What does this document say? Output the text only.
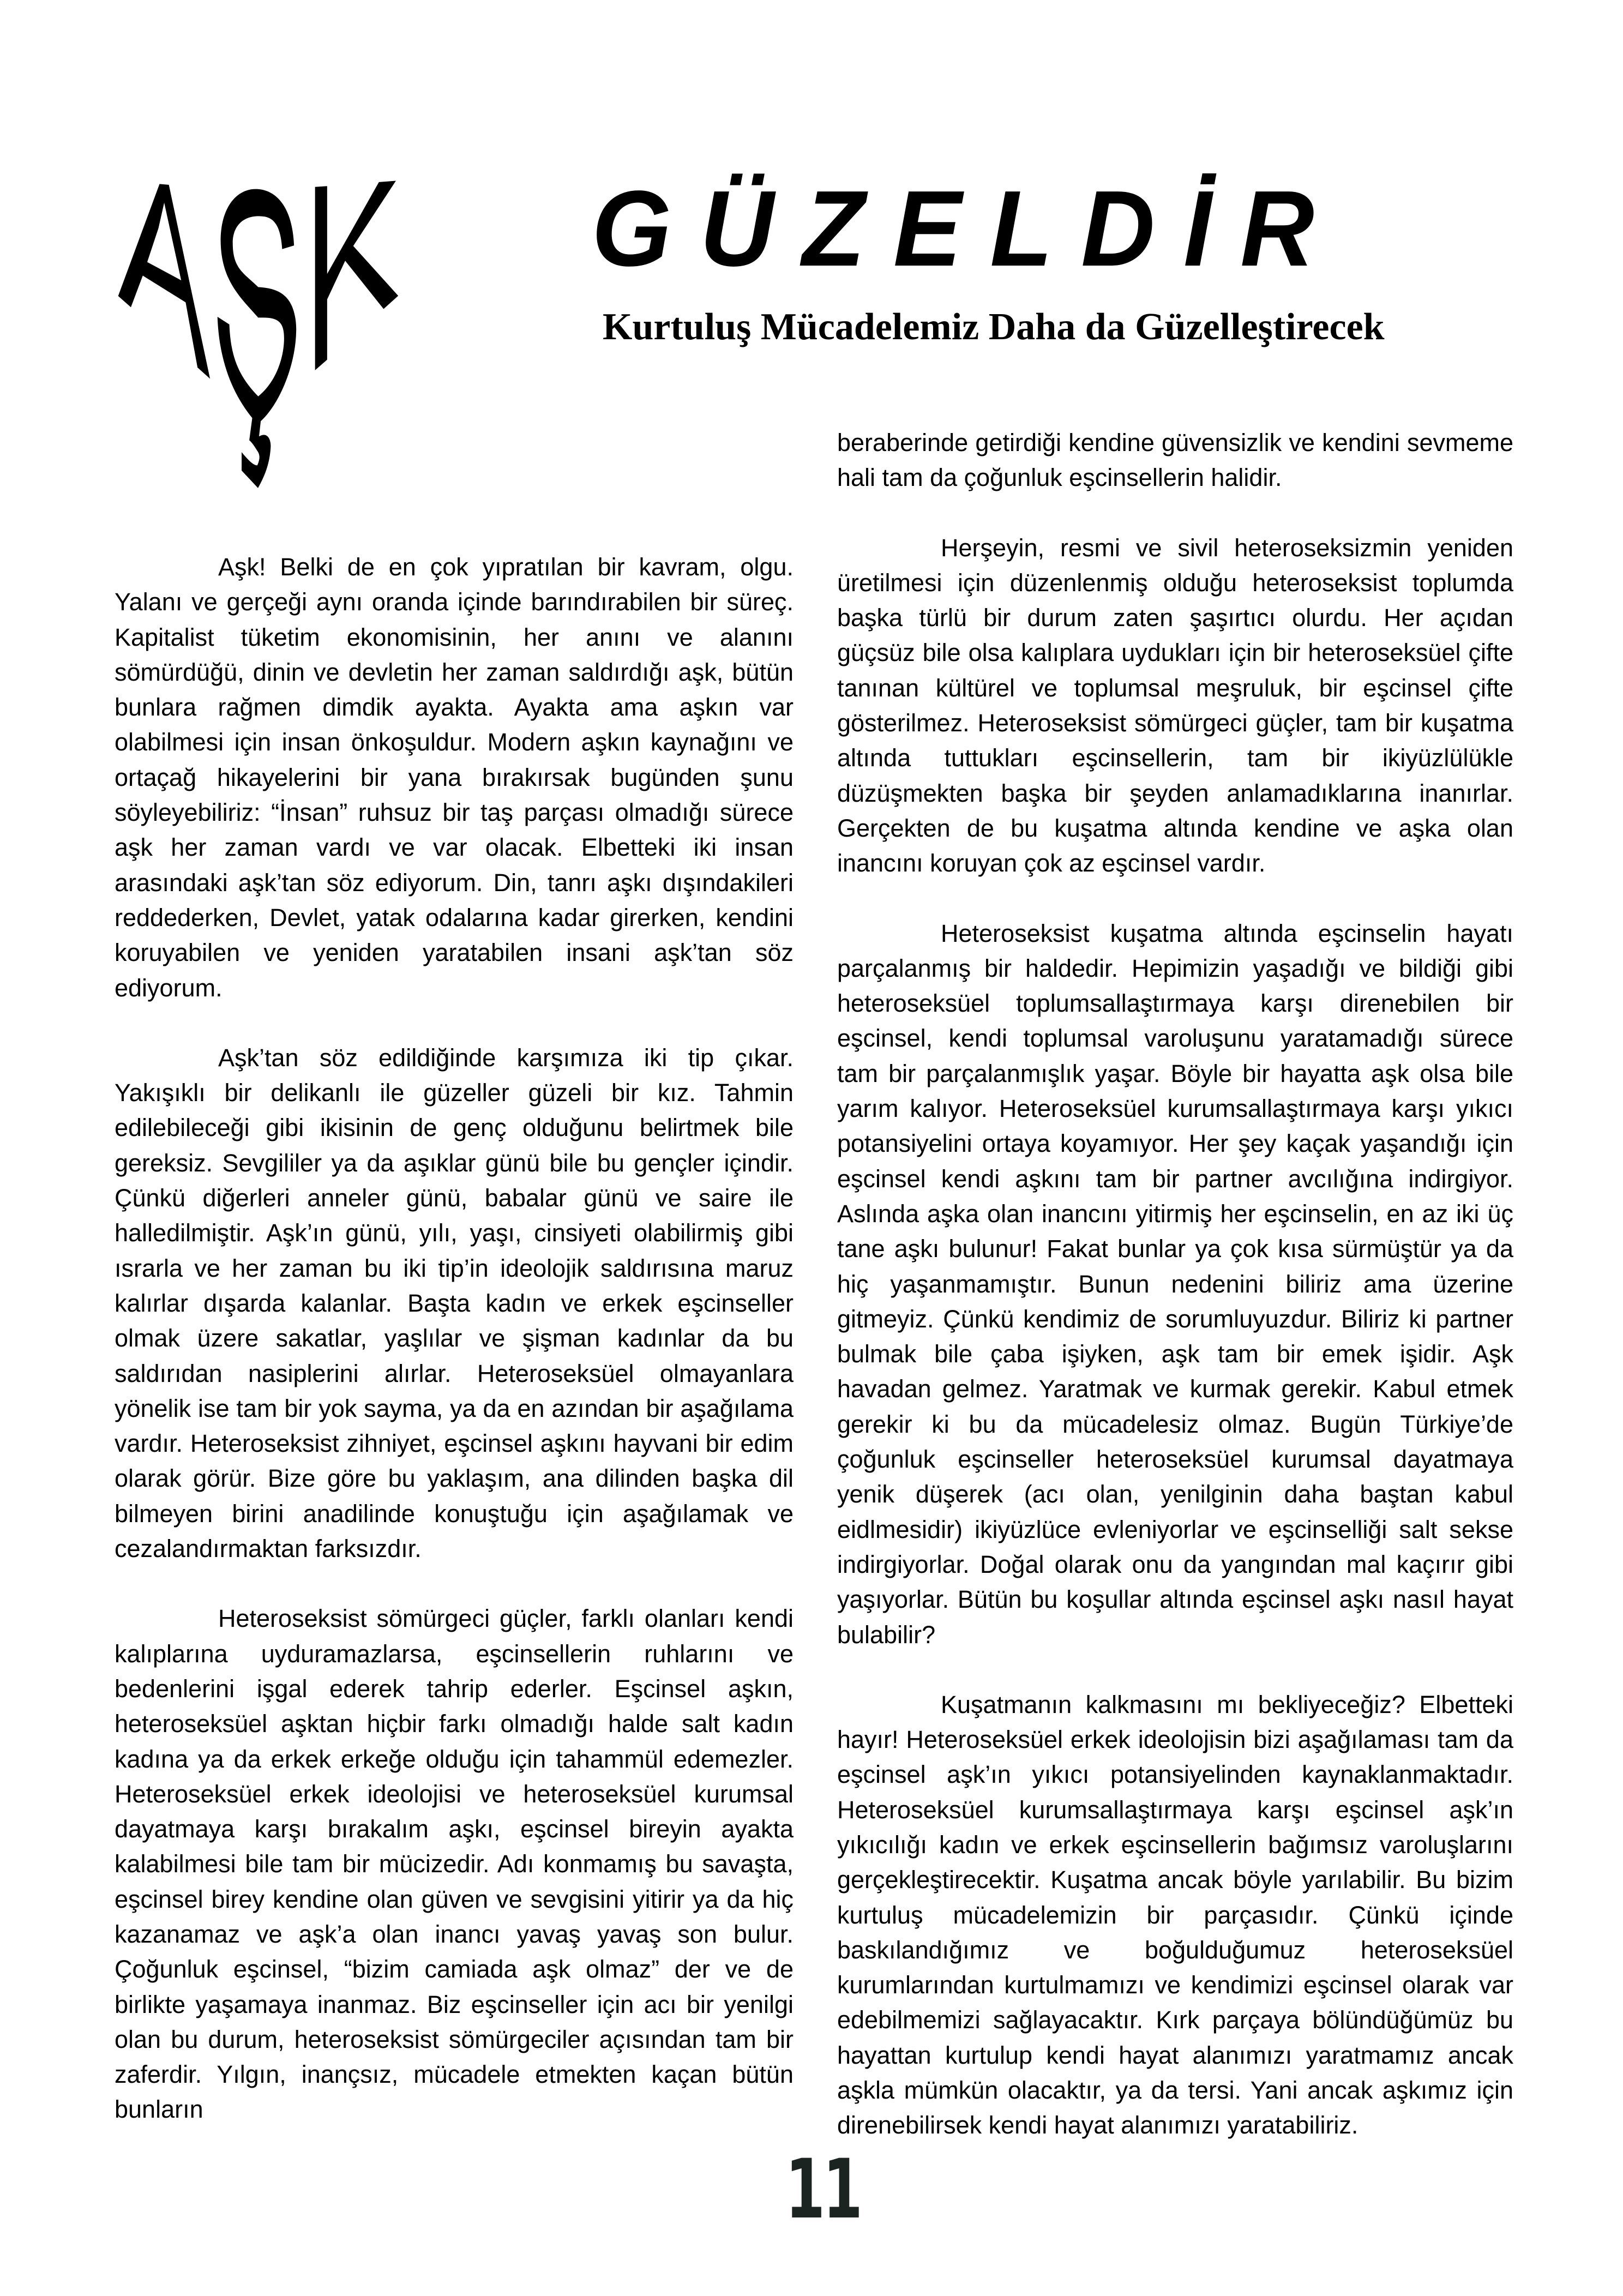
GÜZELDİR
Kurtuluş Mücadelemiz Daha da Güzelleştirecek

Aşk! Belki de en çok yıpratılan bir kavram, olgu. Yalanı ve gerçeği aynı oranda içinde barındırabilen bir süreç. Kapitalist tüketim ekonomisinin, her anını ve alanını sömürdüğü, dinin ve devletin her zaman saldırdığı aşk, bütün bunlara rağmen dimdik ayakta. Ayakta ama aşkın var olabilmesi için insan önkoşuldur. Modern aşkın kaynağını ve ortaçağ hikayelerini bir yana bırakırsak bugünden şunu söyleyebiliriz: “İnsan” ruhsuz bir taş parçası olmadığı sürece aşk her zaman vardı ve var olacak. Elbetteki iki insan arasındaki aşk’tan söz ediyorum. Din, tanrı aşkı dışındakileri reddederken, Devlet, yatak odalarına kadar girerken, kendini koruyabilen ve yeniden yaratabilen insani aşk’tan söz ediyorum.

Aşk’tan söz edildiğinde karşımıza iki tip çıkar. Yakışıklı bir delikanlı ile güzeller güzeli bir kız. Tahmin edilebileceği gibi ikisinin de genç olduğunu belirtmek bile gereksiz. Sevgililer ya da aşıklar günü bile bu gençler içindir. Çünkü diğerleri anneler günü, babalar günü ve saire ile halledilmiştir. Aşk’ın günü, yılı, yaşı, cinsiyeti olabilirmiş gibi ısrarla ve her zaman bu iki tip’in ideolojik saldırısına maruz kalırlar dışarda kalanlar. Başta kadın ve erkek eşcinseller olmak üzere sakatlar, yaşlılar ve şişman kadınlar da bu saldırıdan nasiplerini alırlar. Heteroseksüel olmayanlara yönelik ise tam bir yok sayma, ya da en azından bir aşağılama vardır. Heteroseksist zihniyet, eşcinsel aşkını hayvani bir edim olarak görür. Bize göre bu yaklaşım, ana dilinden başka dil bilmeyen birini anadilinde konuştuğu için aşağılamak ve cezalandırmaktan farksızdır.

Heteroseksist sömürgeci güçler, farklı olanları kendi kalıplarına uyduramazlarsa, eşcinsellerin ruhlarını ve bedenlerini işgal ederek tahrip ederler. Eşcinsel aşkın, heteroseksüel aşktan hiçbir farkı olmadığı halde salt kadın kadına ya da erkek erkeğe olduğu için tahammül edemezler. Heteroseksüel erkek ideolojisi ve heteroseksüel kurumsal dayatmaya karşı bırakalım aşkı, eşcinsel bireyin ayakta kalabilmesi bile tam bir mücizedir. Adı konmamış bu savaşta, eşcinsel birey kendine olan güven ve sevgisini yitirir ya da hiç kazanamaz ve aşk’a olan inancı yavaş yavaş son bulur. Çoğunluk eşcinsel, “bizim camiada aşk olmaz” der ve de birlikte yaşamaya inanmaz. Biz eşcinseller için acı bir yenilgi olan bu durum, heteroseksist sömürgeciler açısından tam bir zaferdir. Yılgın, inançsız, mücadele etmekten kaçan bütün bunların

beraberinde getirdiği kendine güvensizlik ve kendini sevmeme hali tam da çoğunluk eşcinsellerin halidir.

Herşeyin, resmi ve sivil heteroseksizmin yeniden üretilmesi için düzenlenmiş olduğu heteroseksist toplumda başka türlü bir durum zaten şaşırtıcı olurdu. Her açıdan güçsüz bile olsa kalıplara uydukları için bir heteroseksüel çifte tanınan kültürel ve toplumsal meşruluk, bir eşcinsel çifte gösterilmez. Heteroseksist sömürgeci güçler, tam bir kuşatma altında tuttukları eşcinsellerin, tam bir ikiyüzlülükle düzüşmekten başka bir şeyden anlamadıklarına inanırlar. Gerçekten de bu kuşatma altında kendine ve aşka olan inancını koruyan çok az eşcinsel vardır.

Heteroseksist kuşatma altında eşcinselin hayatı parçalanmış bir haldedir. Hepimizin yaşadığı ve bildiği gibi heteroseksüel toplumsallaştırmaya karşı direnebilen bir eşcinsel, kendi toplumsal varoluşunu yaratamadığı sürece tam bir parçalanmışlık yaşar. Böyle bir hayatta aşk olsa bile yarım kalıyor. Heteroseksüel kurumsallaştırmaya karşı yıkıcı potansiyelini ortaya koyamıyor. Her şey kaçak yaşandığı için eşcinsel kendi aşkını tam bir partner avcılığına indirgiyor. Aslında aşka olan inancını yitirmiş her eşcinselin, en az iki üç tane aşkı bulunur! Fakat bunlar ya çok kısa sürmüştür ya da hiç yaşanmamıştır. Bunun nedenini biliriz ama üzerine gitmeyiz. Çünkü kendimiz de sorumluyuzdur. Biliriz ki partner bulmak bile çaba işiyken, aşk tam bir emek işidir. Aşk havadan gelmez. Yaratmak ve kurmak gerekir. Kabul etmek gerekir ki bu da mücadelesiz olmaz. Bugün Türkiye’de çoğunluk eşcinseller heteroseksüel kurumsal dayatmaya yenik düşerek (acı olan, yenilginin daha baştan kabul eidlmesidir) ikiyüzlüce evleniyorlar ve eşcinselliği salt sekse indirgiyorlar. Doğal olarak onu da yangından mal kaçırır gibi yaşıyorlar. Bütün bu koşullar altında eşcinsel aşkı nasıl hayat bulabilir?

Kuşatmanın kalkmasını mı bekliyeceğiz? Elbetteki hayır! Heteroseksüel erkek ideolojisin bizi aşağılaması tam da eşcinsel aşk’ın yıkıcı potansiyelinden kaynaklanmaktadır. Heteroseksüel kurumsallaştırmaya karşı eşcinsel aşk’ın yıkıcılığı kadın ve erkek eşcinsellerin bağımsız varoluşlarını gerçekleştirecektir. Kuşatma ancak böyle yarılabilir. Bu bizim kurtuluş mücadelemizin bir parçasıdır. Çünkü içinde baskılandığımız ve boğulduğumuz heteroseksüel kurumlarından kurtulmamızı ve kendimizi eşcinsel olarak var edebilmemizi sağlayacaktır. Kırk parçaya bölündüğümüz bu hayattan kurtulup kendi hayat alanımızı yaratmamız ancak aşkla mümkün olacaktır, ya da tersi. Yani ancak aşkımız için direnebilirsek kendi hayat alanımızı yaratabiliriz.

11
